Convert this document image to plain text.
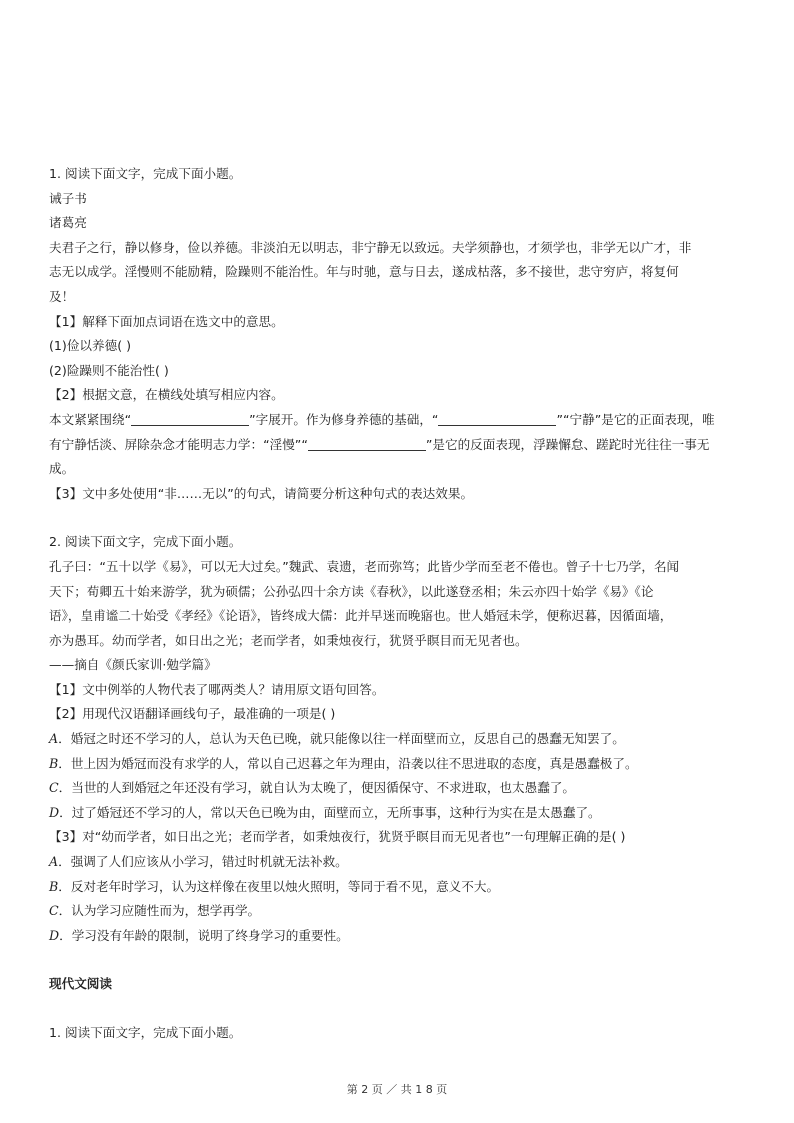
1. 阅读下面文字，完成下面小题。
诫子书
诸葛亮
夫君子之行，静以修身，俭以养德。非淡泊无以明志，非宁静无以致远。夫学须静也，才须学也，非学无以广才，非
志无以成学。淫慢则不能励精，险躁则不能治性。年与时驰，意与日去，遂成枯落，多不接世，悲守穷庐，将复何
及！
【1】解释下面加点词语在选文中的意思。
(1)俭以养德( )
(2)险躁则不能治性( )
【2】根据文意，在横线处填写相应内容。
本文紧紧围绕“	”字展开。作为修身养德的基础，“	”“宁静”是它的正面表现，唯
有宁静恬淡、屏除杂念才能明志力学：“淫慢”“	”是它的反面表现，浮躁懈怠、蹉跎时光往往一事无
成。
【3】文中多处使用“非……无以”的句式，请简要分析这种句式的表达效果。
2. 阅读下面文字，完成下面小题。
孔子曰：“五十以学《易》，可以无大过矣。”魏武、袁遗，老而弥笃；此皆少学而至老不倦也。曾子十七乃学，名闻
天下；荀卿五十始来游学，犹为硕儒；公孙弘四十余方读《春秋》，以此遂登丞相；朱云亦四十始学《易》《论
语》，皇甫谧二十始受《孝经》《论语》，皆终成大儒：此并早迷而晚寤也。世人婚冠未学，便称迟暮，因循面墙，
亦为愚耳。幼而学者，如日出之光；老而学者，如秉烛夜行，犹贤乎瞑目而无见者也。
——摘自《颜氏家训·勉学篇》
【1】文中例举的人物代表了哪两类人？请用原文语句回答。
【2】用现代汉语翻译画线句子，最准确的一项是( )
A．婚冠之时还不学习的人，总认为天色已晚，就只能像以往一样面壁而立，反思自己的愚蠢无知罢了。
B．世上因为婚冠而没有求学的人，常以自己迟暮之年为理由，沿袭以往不思进取的态度，真是愚蠢极了。
C．当世的人到婚冠之年还没有学习，就自认为太晚了，便因循保守、不求进取，也太愚蠢了。
D．过了婚冠还不学习的人，常以天色已晚为由，面壁而立，无所事事，这种行为实在是太愚蠢了。
【3】对“幼而学者，如日出之光；老而学者，如秉烛夜行，犹贤乎瞑目而无见者也”一句理解正确的是( )
A．强调了人们应该从小学习，错过时机就无法补救。
B．反对老年时学习，认为这样像在夜里以烛火照明，等同于看不见，意义不大。
C．认为学习应随性而为，想学再学。
D．学习没有年龄的限制，说明了终身学习的重要性。
现代文阅读
1. 阅读下面文字，完成下面小题。
第 2 页 ／ 共 1 8 页
